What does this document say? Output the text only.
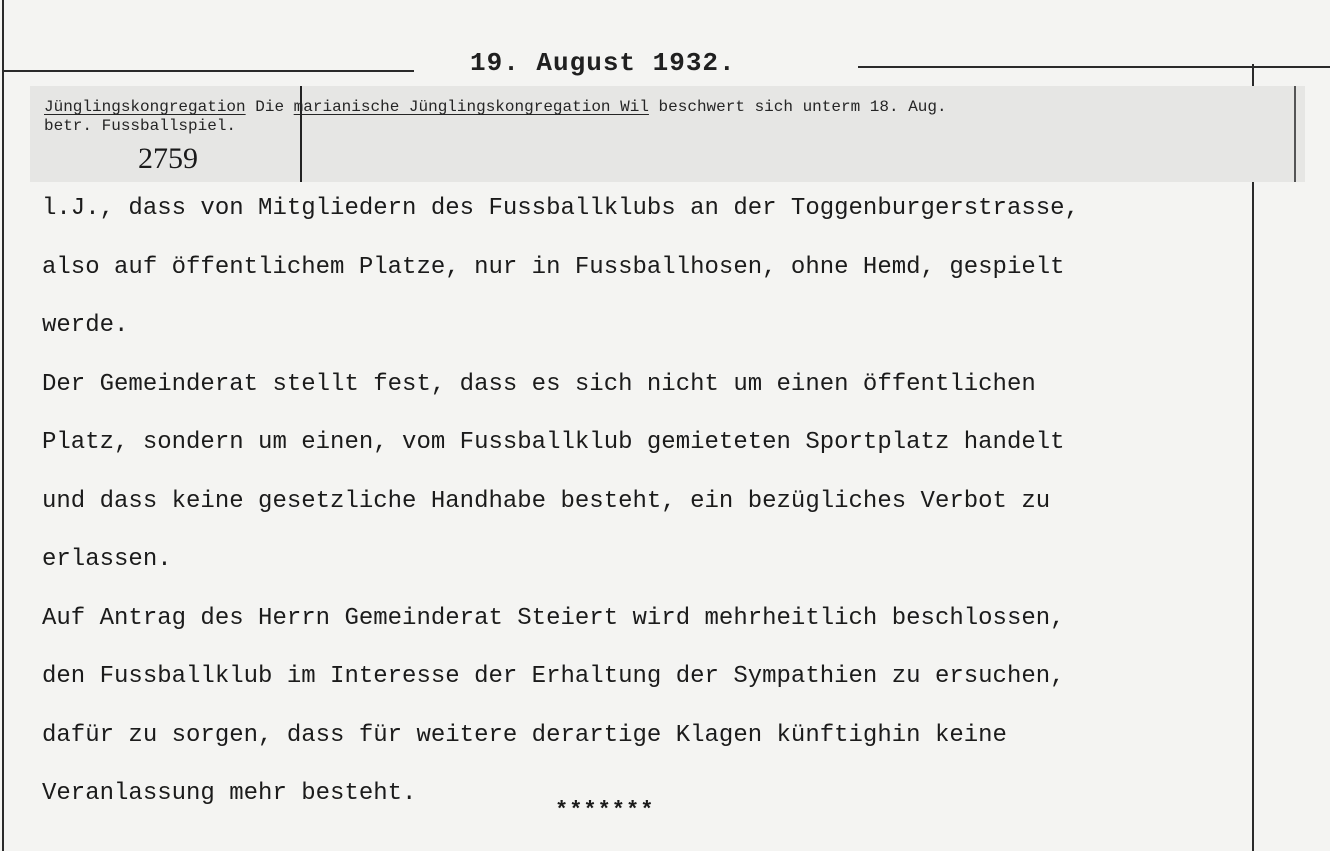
19. August 1932.
Jünglingskongregation Die marianische Jünglingskongregation Wil beschwert sich unterm 18. Aug.
betr. Fussballspiel.
2759
l.J., dass von Mitgliedern des Fussballklubs an der Toggenburgerstrasse,
also auf öffentlichem Platze, nur in Fussballhosen, ohne Hemd, gespielt
werde.
Der Gemeinderat stellt fest, dass es sich nicht um einen öffentlichen
Platz, sondern um einen, vom Fussballklub gemieteten Sportplatz handelt
und dass keine gesetzliche Handhabe besteht, ein bezügliches Verbot zu
erlassen.
Auf Antrag des Herrn Gemeinderat Steiert wird mehrheitlich beschlossen,
den Fussballklub im Interesse der Erhaltung der Sympathien zu ersuchen,
dafür zu sorgen, dass für weitere derartige Klagen künftighin keine
Veranlassung mehr besteht.
*******
